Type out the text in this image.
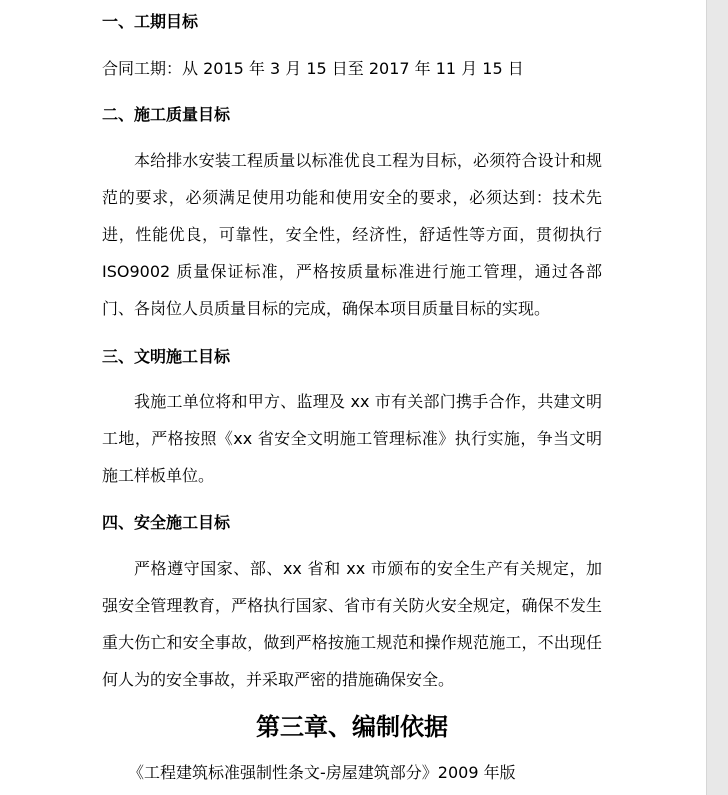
一、工期目标
合同工期：从 2015 年 3 月 15 日至 2017 年 11 月 15 日
二、施工质量目标

本给排水安装工程质量以标准优良工程为目标，必须符合设计和规范的要求，必须满足使用功能和使用安全的要求，必须达到：技术先进，性能优良，可靠性，安全性，经济性，舒适性等方面，贯彻执行 ISO9002 质量保证标准，严格按质量标准进行施工管理，通过各部门、各岗位人员质量目标的完成，确保本项目质量目标的实现。

三、文明施工目标

我施工单位将和甲方、监理及 xx 市有关部门携手合作，共建文明工地，严格按照《xx 省安全文明施工管理标准》执行实施，争当文明施工样板单位。

四、安全施工目标

严格遵守国家、部、xx 省和 xx 市颁布的安全生产有关规定，加强安全管理教育，严格执行国家、省市有关防火安全规定，确保不发生重大伤亡和安全事故，做到严格按施工规范和操作规范施工，不出现任何人为的安全事故，并采取严密的措施确保安全。

第三章、编制依据
《工程建筑标准强制性条文-房屋建筑部分》2009 年版
